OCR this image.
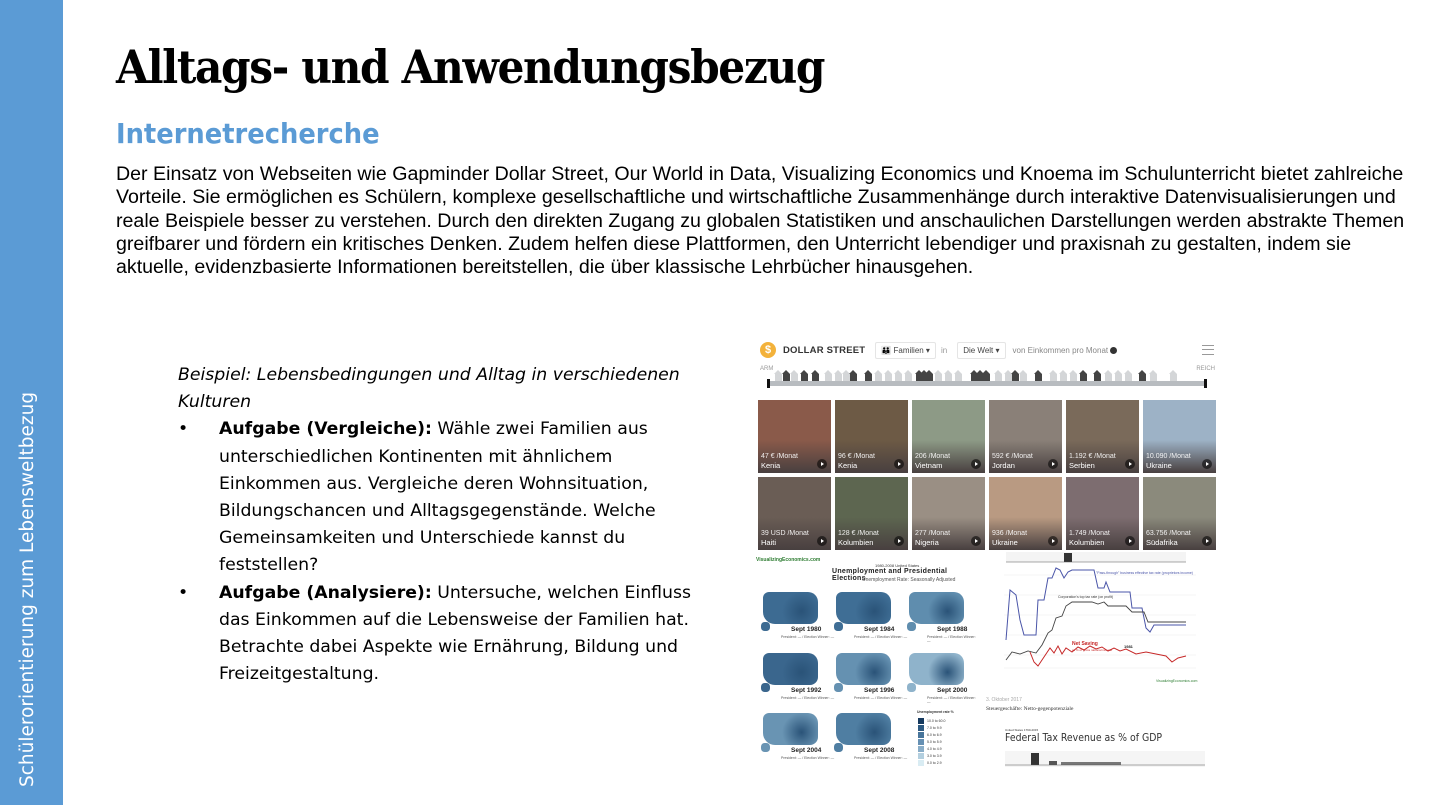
Schülerorientierung zum Lebensweltbezug
Alltags- und Anwendungsbezug
Internetrecherche

Der Einsatz von Webseiten wie Gapminder Dollar Street, Our World in Data, Visualizing Economics und Knoema im Schulunterricht bietet zahlreiche Vorteile. Sie ermöglichen es Schülern, komplexe gesellschaftliche und wirtschaftliche Zusammenhänge durch interaktive Datenvisualisierungen und reale Beispiele besser zu verstehen. Durch den direkten Zugang zu globalen Statistiken und anschaulichen Darstellungen werden abstrakte Themen greifbarer und fördern ein kritisches Denken. Zudem helfen diese Plattformen, den Unterricht lebendiger und praxisnah zu gestalten, indem sie aktuelle, evidenzbasierte Informationen bereitstellen, die über klassische Lehrbücher hinausgehen.

Beispiel: Lebensbedingungen und Alltag in verschiedenen Kulturen
• Aufgabe (Vergleiche): Wähle zwei Familien aus unterschiedlichen Kontinenten mit ähnlichem Einkommen aus. Vergleiche deren Wohnsituation, Bildungschancen und Alltagsgegenstände. Welche Gemeinsamkeiten und Unterschiede kannst du feststellen?
• Aufgabe (Analysiere): Untersuche, welchen Einfluss das Einkommen auf die Lebensweise der Familien hat. Betrachte dabei Aspekte wie Ernährung, Bildung und Freizeitgestaltung.
$	DOLLAR STREET	👪 Familien ▾	in	Die Welt ▾	von Einkommen pro Monat
ARM	REICH
47 € /Monat
Kenia
96 € /Monat
Kenia
206 /Monat
Vietnam
592 € /Monat
Jordan
1.192 € /Monat
Serbien
10.090 /Monat
Ukraine
39 USD /Monat
Haiti
128 € /Monat
Kolumbien
277 /Monat
Nigeria
936 /Monat
Ukraine
1.749 /Monat
Kolumbien
63.756 /Monat
Südafrika
VisualizingEconomics.com
1980-2008 United States
Unemployment and Presidential Elections
Unemployment Rate: Seasonally Adjusted
Unemployment rate %
Sept 1980
President: — / Election Winner: —
Sept 1984
President: — / Election Winner: —
Sept 1988
President: — / Election Winner: —
Sept 1992
President: — / Election Winner: —
Sept 1996
President: — / Election Winner: —
Sept 2000
President: — / Election Winner: —
Sept 2004
President: — / Election Winner: —
Sept 2008
President: — / Election Winner: —
10.0 to 60.0
7.0 to 9.9
6.0 to 6.9
5.0 to 5.9
4.0 to 4.9
3.0 to 3.9
0.0 to 2.9
"Pass-through" business effective tax rate (proprietors income)
Corporation's top tax rate (on profit)
Net Saving
as % of gross national income
1981
VisualizingEconomics.com
3. Oktober 2017
Steuergeschäfte: Netto-gegenpotenziale
United States 1790-2015
Federal Tax Revenue as % of GDP
